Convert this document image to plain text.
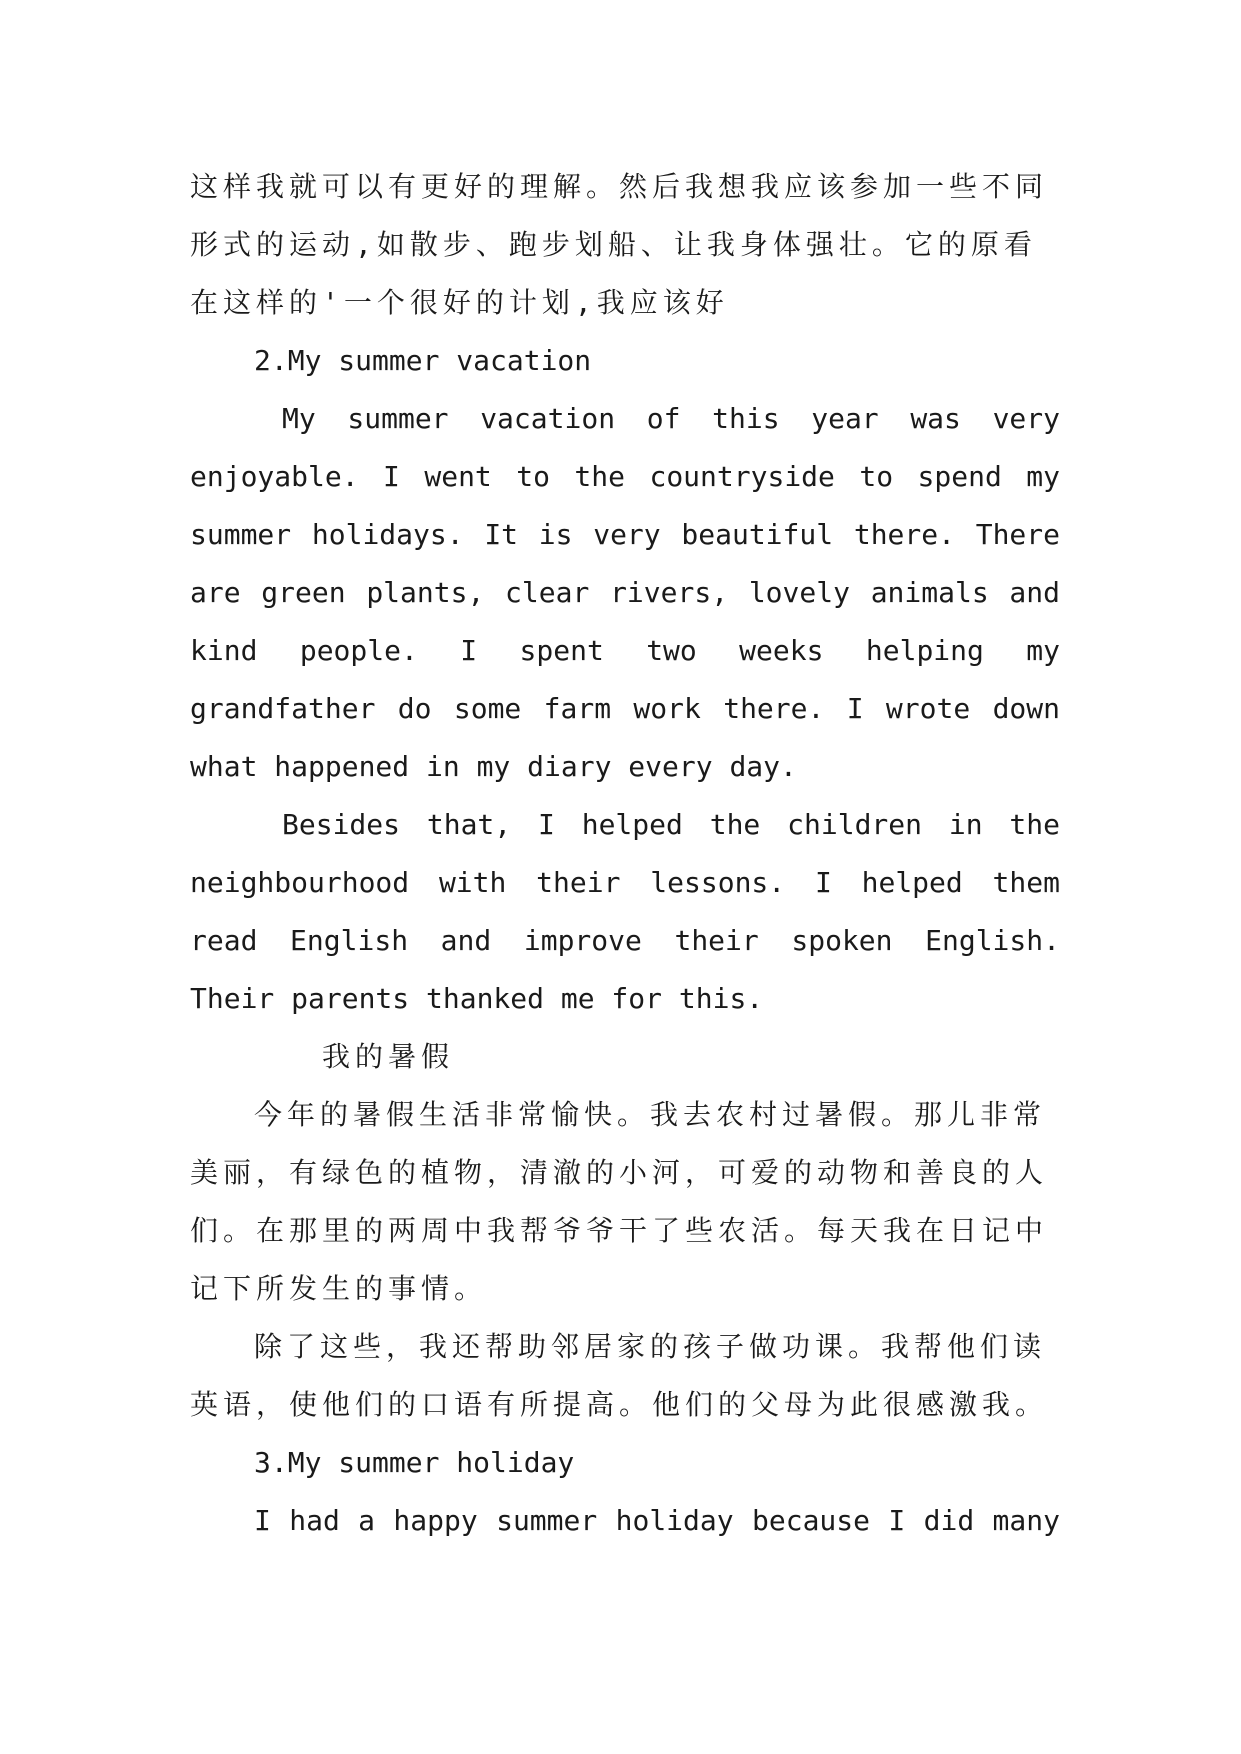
这样我就可以有更好的理解。然后我想我应该参加一些不同
形式的运动,如散步、跑步划船、让我身体强壮。它的原看
在这样的'一个很好的计划,我应该好
2.My summer vacation
My summer vacation of this year was very
enjoyable. I went to the countryside to spend my
summer holidays. It is very beautiful there. There
are green plants, clear rivers, lovely animals and
kind people. I spent two weeks helping my
grandfather do some farm work there. I wrote down
what happened in my diary every day.
Besides that, I helped the children in the
neighbourhood with their lessons. I helped them
read English and improve their spoken English.
Their parents thanked me for this.
我的暑假
今年的暑假生活非常愉快。我去农村过暑假。那儿非常
美丽，有绿色的植物，清澈的小河，可爱的动物和善良的人
们。在那里的两周中我帮爷爷干了些农活。每天我在日记中
记下所发生的事情。
除了这些，我还帮助邻居家的孩子做功课。我帮他们读
英语，使他们的口语有所提高。他们的父母为此很感激我。
3.My summer holiday
I had a happy summer holiday because I did many
